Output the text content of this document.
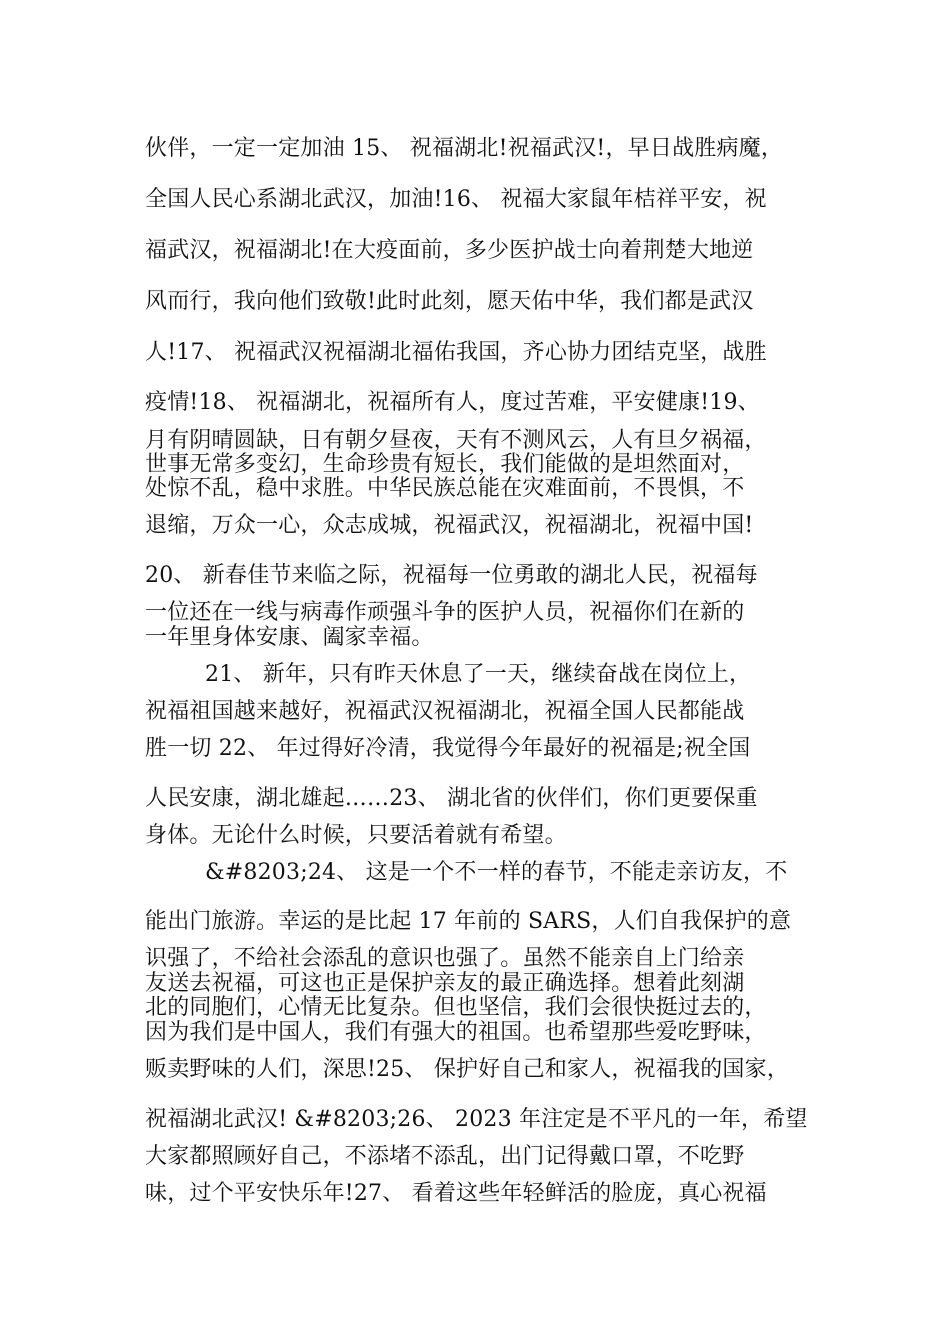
伙伴，一定一定加油 15、 祝福湖北!祝福武汉!，早日战胜病魔，
全国人民心系湖北武汉，加油!16、 祝福大家鼠年桔祥平安，祝
福武汉，祝福湖北!在大疫面前，多少医护战士向着荆楚大地逆
风而行，我向他们致敬!此时此刻，愿天佑中华，我们都是武汉
人!17、 祝福武汉祝福湖北福佑我国，齐心协力团结克坚，战胜
疫情!18、 祝福湖北，祝福所有人，度过苦难，平安健康!19、
月有阴晴圆缺，日有朝夕昼夜，天有不测风云，人有旦夕祸福，
世事无常多变幻，生命珍贵有短长，我们能做的是坦然面对，
处惊不乱，稳中求胜。中华民族总能在灾难面前，不畏惧，不
退缩，万众一心，众志成城，祝福武汉，祝福湖北，祝福中国!
20、 新春佳节来临之际，祝福每一位勇敢的湖北人民，祝福每
一位还在一线与病毒作顽强斗争的医护人员，祝福你们在新的
一年里身体安康、阖家幸福。
21、 新年，只有昨天休息了一天，继续奋战在岗位上，
祝福祖国越来越好，祝福武汉祝福湖北，祝福全国人民都能战
胜一切 22、 年过得好冷清，我觉得今年最好的祝福是;祝全国
人民安康，湖北雄起……23、 湖北省的伙伴们，你们更要保重
身体。无论什么时候，只要活着就有希望。
&#8203;24、 这是一个不一样的春节，不能走亲访友，不
能出门旅游。幸运的是比起 17 年前的 SARS，人们自我保护的意
识强了，不给社会添乱的意识也强了。虽然不能亲自上门给亲
友送去祝福，可这也正是保护亲友的最正确选择。想着此刻湖
北的同胞们，心情无比复杂。但也坚信，我们会很快挺过去的，
因为我们是中国人，我们有强大的祖国。也希望那些爱吃野味，
贩卖野味的人们，深思!25、 保护好自己和家人，祝福我的国家，
祝福湖北武汉! &#8203;26、 2023 年注定是不平凡的一年，希望
大家都照顾好自己，不添堵不添乱，出门记得戴口罩，不吃野
味，过个平安快乐年!27、 看着这些年轻鲜活的脸庞，真心祝福
